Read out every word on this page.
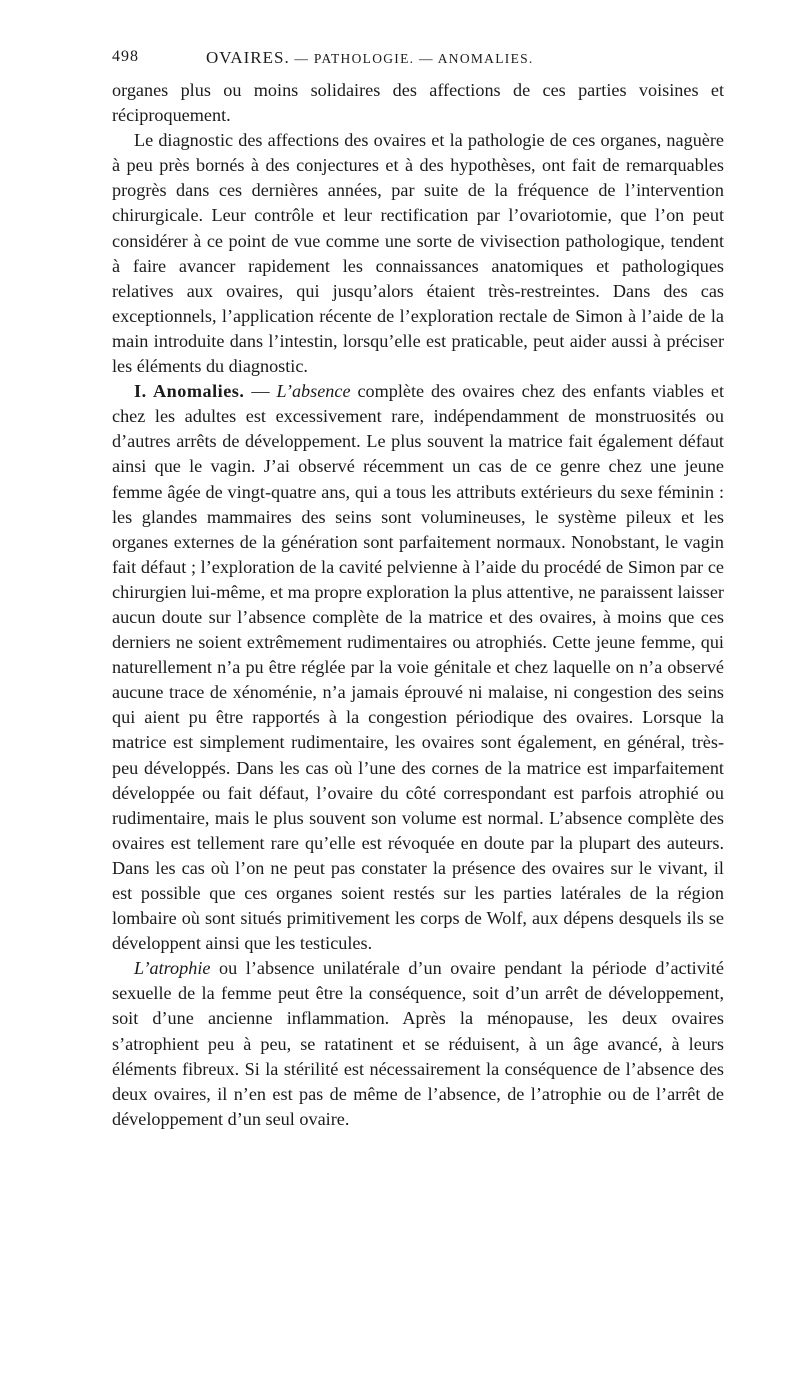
498	OVAIRES. — PATHOLOGIE. — ANOMALIES.

organes plus ou moins solidaires des affections de ces parties voisines et réciproquement.

Le diagnostic des affections des ovaires et la pathologie de ces organes, naguère à peu près bornés à des conjectures et à des hypothèses, ont fait de remarquables progrès dans ces dernières années, par suite de la fréquence de l’intervention chirurgicale. Leur contrôle et leur rectification par l’ovariotomie, que l’on peut considérer à ce point de vue comme une sorte de vivisection pathologique, tendent à faire avancer rapidement les connaissances anatomiques et pathologiques relatives aux ovaires, qui jusqu’alors étaient très-restreintes. Dans des cas exceptionnels, l’application récente de l’exploration rectale de Simon à l’aide de la main introduite dans l’intestin, lorsqu’elle est praticable, peut aider aussi à préciser les éléments du diagnostic.

I. Anomalies. — L’absence complète des ovaires chez des enfants viables et chez les adultes est excessivement rare, indépendamment de monstruosités ou d’autres arrêts de développement. Le plus souvent la matrice fait également défaut ainsi que le vagin. J’ai observé récemment un cas de ce genre chez une jeune femme âgée de vingt-quatre ans, qui a tous les attributs extérieurs du sexe féminin : les glandes mammaires des seins sont volumineuses, le système pileux et les organes externes de la génération sont parfaitement normaux. Nonobstant, le vagin fait défaut ; l’exploration de la cavité pelvienne à l’aide du procédé de Simon par ce chirurgien lui-même, et ma propre exploration la plus attentive, ne paraissent laisser aucun doute sur l’absence complète de la matrice et des ovaires, à moins que ces derniers ne soient extrêmement rudimentaires ou atrophiés. Cette jeune femme, qui naturellement n’a pu être réglée par la voie génitale et chez laquelle on n’a observé aucune trace de xénoménie, n’a jamais éprouvé ni malaise, ni congestion des seins qui aient pu être rapportés à la congestion périodique des ovaires. Lorsque la matrice est simplement rudimentaire, les ovaires sont également, en général, très-peu développés. Dans les cas où l’une des cornes de la matrice est imparfaitement développée ou fait défaut, l’ovaire du côté correspondant est parfois atrophié ou rudimentaire, mais le plus souvent son volume est normal. L’absence complète des ovaires est tellement rare qu’elle est révoquée en doute par la plupart des auteurs. Dans les cas où l’on ne peut pas constater la présence des ovaires sur le vivant, il est possible que ces organes soient restés sur les parties latérales de la région lombaire où sont situés primitivement les corps de Wolf, aux dépens desquels ils se développent ainsi que les testicules.

L’atrophie ou l’absence unilatérale d’un ovaire pendant la période d’activité sexuelle de la femme peut être la conséquence, soit d’un arrêt de développement, soit d’une ancienne inflammation. Après la ménopause, les deux ovaires s’atrophient peu à peu, se ratatinent et se réduisent, à un âge avancé, à leurs éléments fibreux. Si la stérilité est nécessairement la conséquence de l’absence des deux ovaires, il n’en est pas de même de l’absence, de l’atrophie ou de l’arrêt de développement d’un seul ovaire.
